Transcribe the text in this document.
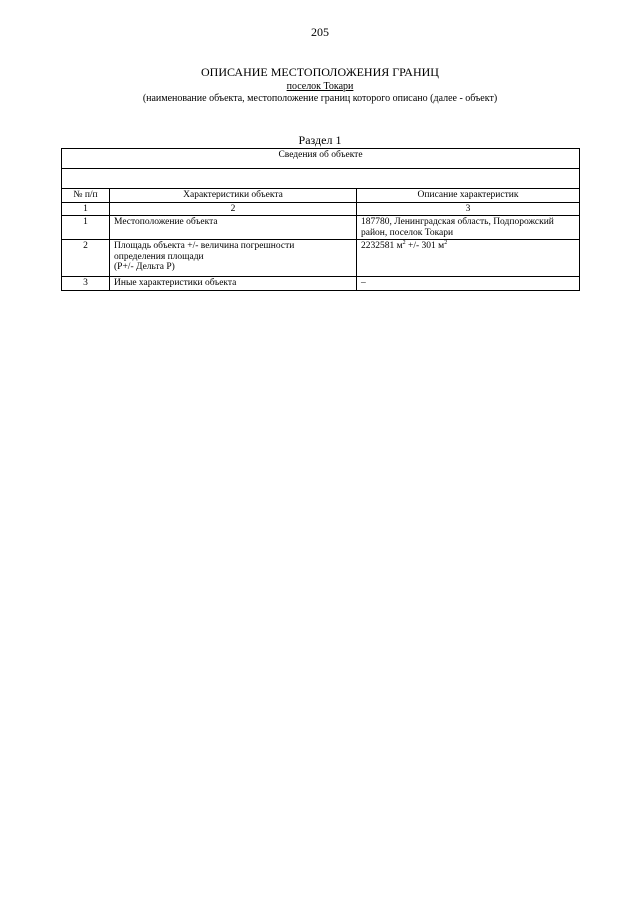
205
ОПИСАНИЕ МЕСТОПОЛОЖЕНИЯ ГРАНИЦ
поселок Токари
(наименование объекта, местоположение границ которого описано (далее - объект)
Раздел 1
Сведения об объекте		

№ п/п	Характеристики объекта	Описание характеристик
1	2	3
1	Местоположение объекта	187780, Ленинградская область, Подпорожский
район, поселок Токари

2	Площадь объекта +/- величина погрешности
определения площади
(P+/- Дельта P)	2232581 $м^2$ +/- 301 $м^2$
3	Иные характеристики объекта	–
